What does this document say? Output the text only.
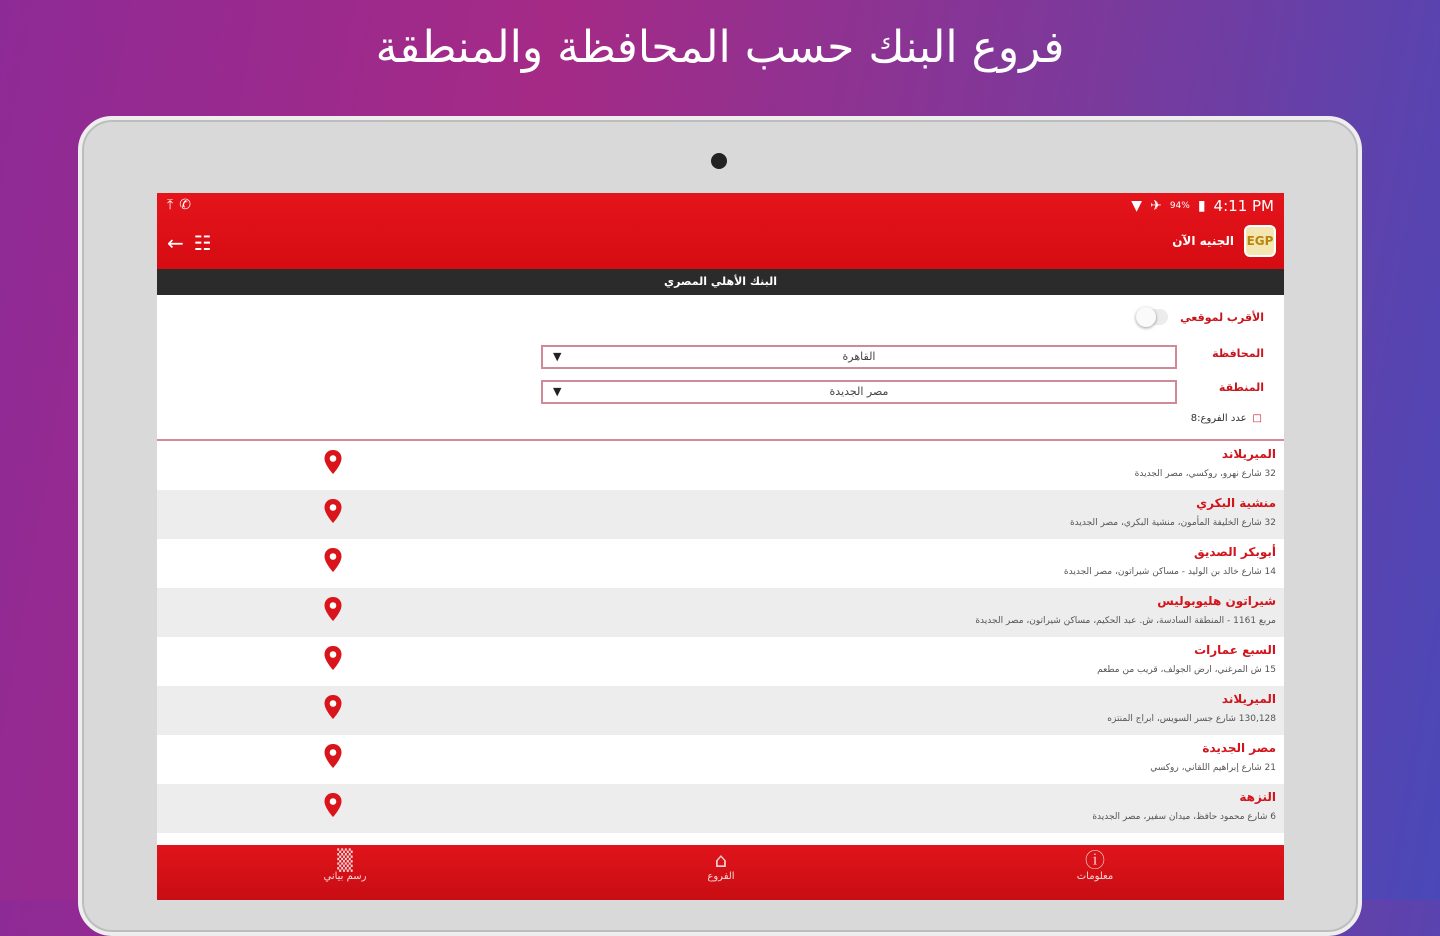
فروع البنك حسب المحافظة والمنطقة
⤒ ✆	▼ ✈ 94% ▮ 4:11 PM
← ☷	EGP
الجنيه الآن
البنك الأهلي المصري
الأقرب لموقعي
المحافظة
القاهرة
▼
المنطقة
مصر الجديدة
▼
□
عدد الفروع:8
الميريلاند
32 شارع نهرو، روكسي، مصر الجديدة
منشية البكري
32 شارع الخليفة المأمون، منشية البكري، مصر الجديدة
أبوبكر الصديق
14 شارع خالد بن الوليد - مساكن شيراتون، مصر الجديدة
شيراتون هليوبوليس
مربع 1161 - المنطقة السادسة، ش. عبد الحكيم، مساكن شيراتون، مصر الجديدة
السبع عمارات
15 ش المرغني، ارض الجولف، قريب من مطعم
الميريلاند
130,128 شارع جسر السويس، ابراج المنتزه
مصر الجديدة
21 شارع إبراهيم اللقاني، روكسي
النزهة
6 شارع محمود حافظ، ميدان سفير، مصر الجديدة
▒
رسم بياني
⌂
الفروع
ⓘ
معلومات
